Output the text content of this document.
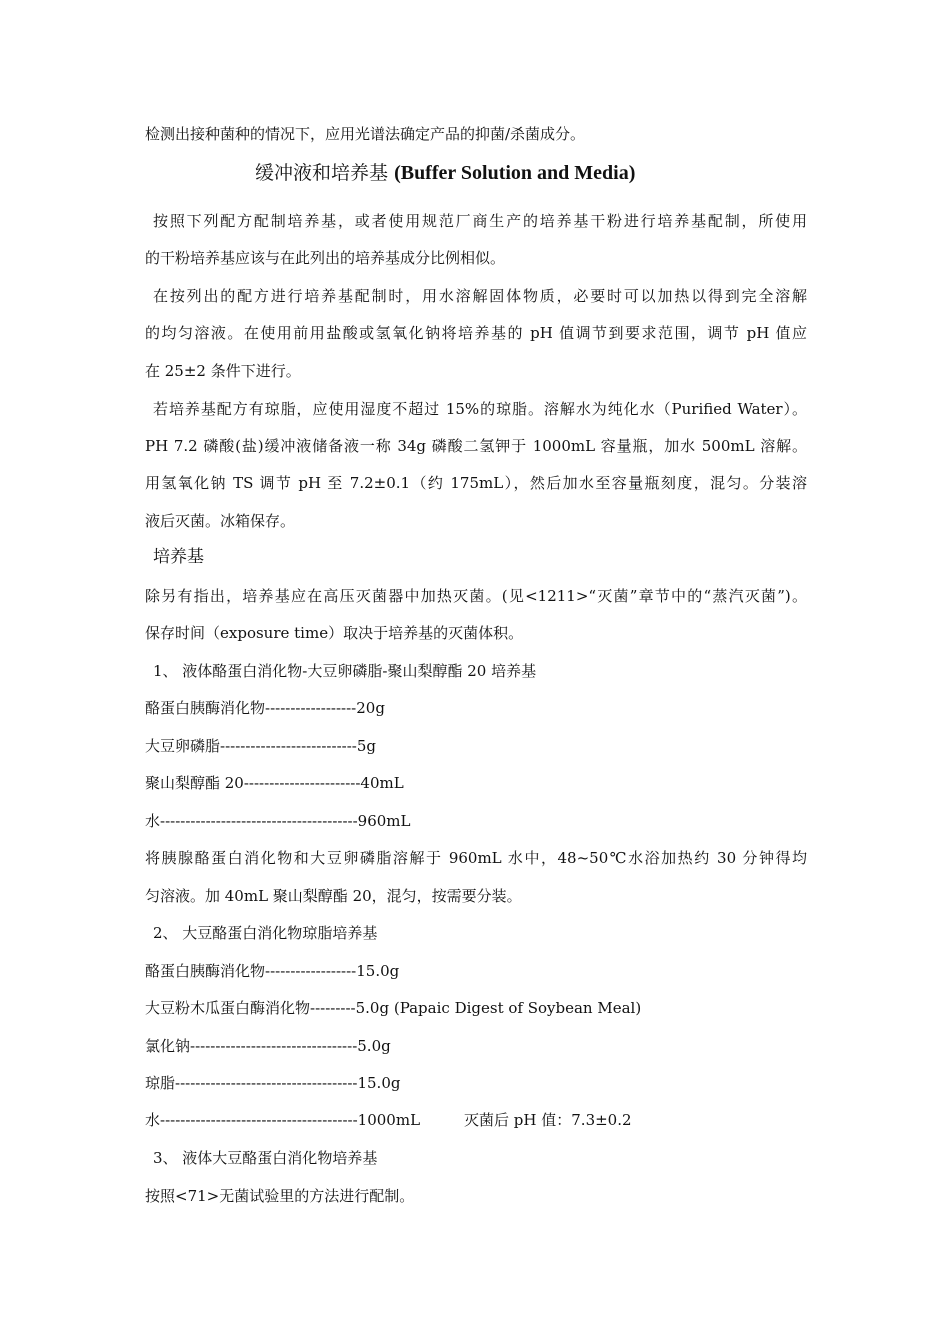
检测出接种菌种的情况下，应用光谱法确定产品的抑菌/杀菌成分。
缓冲液和培养基 (Buffer Solution and Media)
按照下列配方配制培养基，或者使用规范厂商生产的培养基干粉进行培养基配制，所使用
的干粉培养基应该与在此列出的培养基成分比例相似。
在按列出的配方进行培养基配制时，用水溶解固体物质，必要时可以加热以得到完全溶解
的均匀溶液。在使用前用盐酸或氢氧化钠将培养基的 pH 值调节到要求范围，调节 pH 值应
在 25±2 条件下进行。
若培养基配方有琼脂，应使用湿度不超过 15%的琼脂。溶解水为纯化水（Purified Water）。
PH 7.2 磷酸(盐)缓冲液储备液一称 34g 磷酸二氢钾于 1000mL 容量瓶，加水 500mL 溶解。
用氢氧化钠 TS 调节 pH 至 7.2±0.1（约 175mL），然后加水至容量瓶刻度，混匀。分装溶
液后灭菌。冰箱保存。
培养基
除另有指出，培养基应在高压灭菌器中加热灭菌。(见<1211>“灭菌”章节中的“蒸汽灭菌”)。
保存时间（exposure time）取决于培养基的灭菌体积。
1、 液体酪蛋白消化物-大豆卵磷脂-聚山梨醇酯 20 培养基
酪蛋白胰酶消化物------------------20g
大豆卵磷脂---------------------------5g
聚山梨醇酯 20-----------------------40mL
水---------------------------------------960mL
将胰腺酪蛋白消化物和大豆卵磷脂溶解于 960mL 水中，48~50℃水浴加热约 30 分钟得均
匀溶液。加 40mL 聚山梨醇酯 20，混匀，按需要分装。
2、 大豆酪蛋白消化物琼脂培养基
酪蛋白胰酶消化物------------------15.0g
大豆粉木瓜蛋白酶消化物---------5.0g (Papaic Digest of Soybean Meal)
氯化钠---------------------------------5.0g
琼脂------------------------------------15.0g
水---------------------------------------1000mL	灭菌后 pH 值：7.3±0.2
3、 液体大豆酪蛋白消化物培养基
按照<71>无菌试验里的方法进行配制。
